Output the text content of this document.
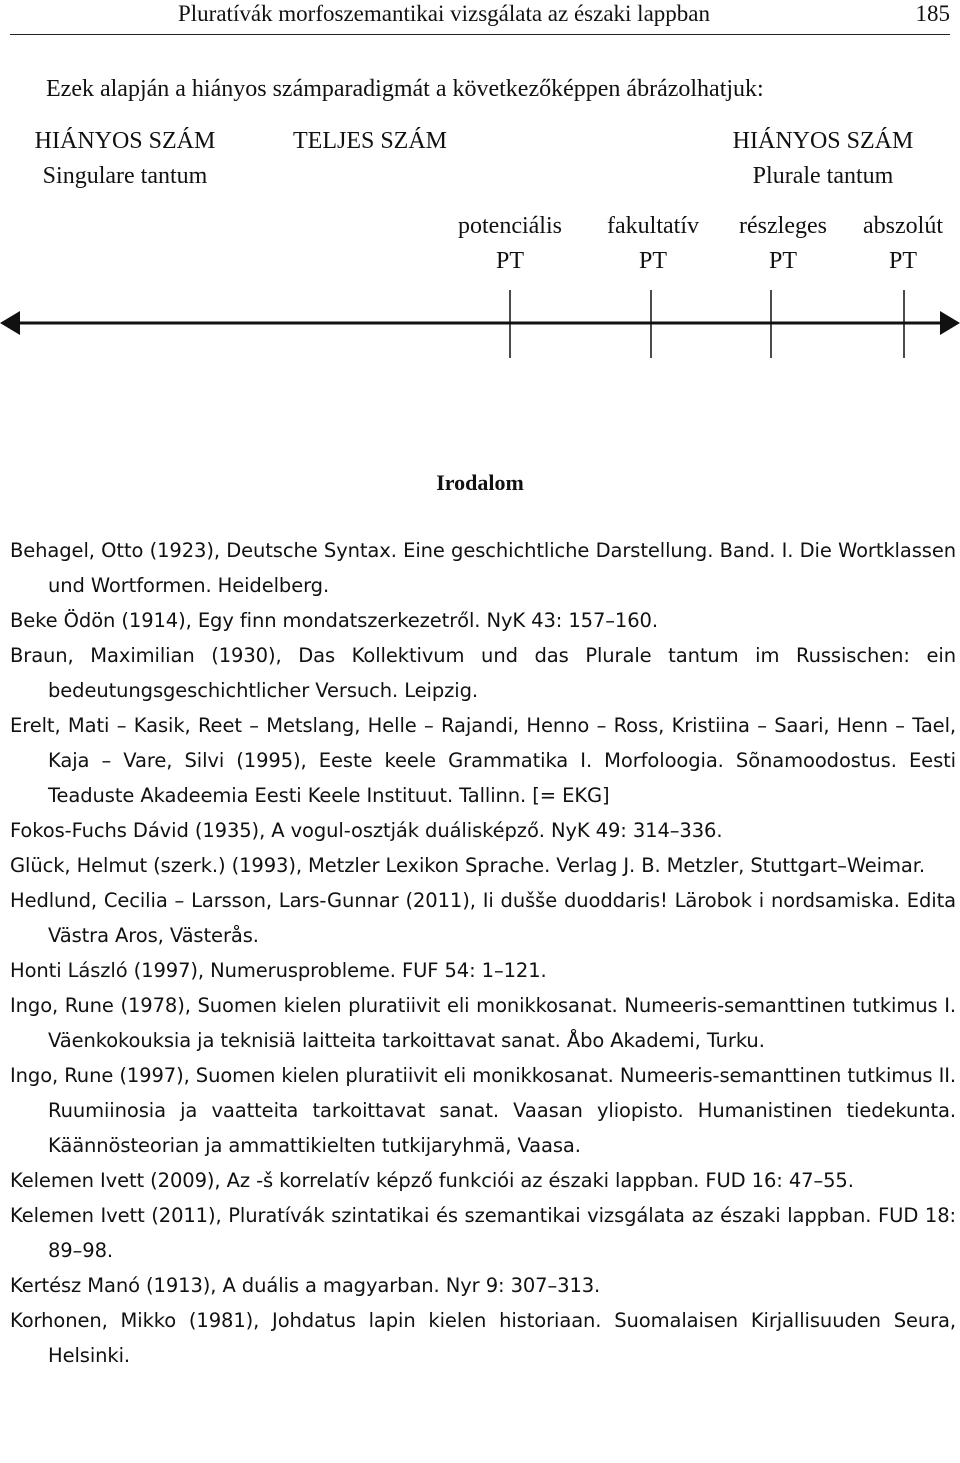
Pluratívák morfoszemantikai vizsgálata az északi lappban	185
Ezek alapján a hiányos számparadigmát a következőképpen ábrázolhatjuk:
HIÁNYOS SZÁM
Singulare tantum
TELJES SZÁM	HIÁNYOS SZÁM
Plurale tantum
potenciális
PT
fakultatív
PT
részleges
PT
abszolút
PT
Irodalom
Behagel, Otto (1923), Deutsche Syntax. Eine geschichtliche Darstellung. Band. I. Die Wortklassen und Wortformen. Heidelberg.
Beke Ödön (1914), Egy finn mondatszerkezetről. NyK 43: 157–160.
Braun, Maximilian (1930), Das Kollektivum und das Plurale tantum im Russischen: ein bedeutungsgeschichtlicher Versuch. Leipzig.
Erelt, Mati – Kasik, Reet – Metslang, Helle – Rajandi, Henno – Ross, Kristiina – Saari, Henn – Tael, Kaja – Vare, Silvi (1995), Eeste keele Grammatika I. Morfoloogia. Sõnamoodostus. Eesti Teaduste Akadeemia Eesti Keele Instituut. Tallinn. [= EKG]
Fokos-Fuchs Dávid (1935), A vogul-osztják duálisképző. NyK 49: 314–336.
Glück, Helmut (szerk.) (1993), Metzler Lexikon Sprache. Verlag J. B. Metzler, Stuttgart–Weimar.
Hedlund, Cecilia – Larsson, Lars-Gunnar (2011), Ii dušše duoddaris! Lärobok i nordsamiska. Edita Västra Aros, Västerås.
Honti László (1997), Numerusprobleme. FUF 54: 1–121.
Ingo, Rune (1978), Suomen kielen pluratiivit eli monikkosanat. Numeeris-semanttinen tutkimus I. Väenkokouksia ja teknisiä laitteita tarkoittavat sanat. Åbo Akademi, Turku.
Ingo, Rune (1997), Suomen kielen pluratiivit eli monikkosanat. Numeeris-semanttinen tutkimus II. Ruumiinosia ja vaatteita tarkoittavat sanat. Vaasan yliopisto. Humanistinen tiedekunta. Käännösteorian ja ammattikielten tutkijaryhmä, Vaasa.
Kelemen Ivett (2009), Az -š korrelatív képző funkciói az északi lappban. FUD 16: 47–55.
Kelemen Ivett (2011), Pluratívák szintatikai és szemantikai vizsgálata az északi lappban. FUD 18: 89–98.
Kertész Manó (1913), A duális a magyarban. Nyr 9: 307–313.
Korhonen, Mikko (1981), Johdatus lapin kielen historiaan. Suomalaisen Kirjallisuuden Seura, Helsinki.
